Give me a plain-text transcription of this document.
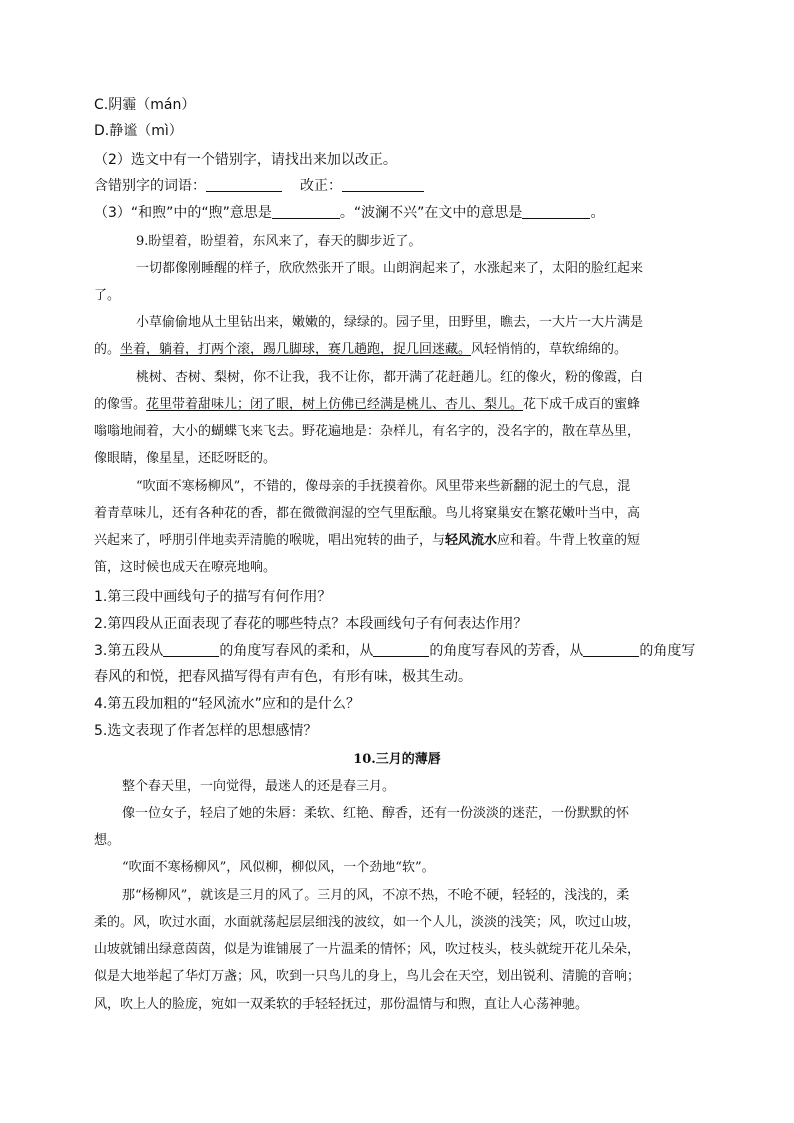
C.阴霾（mán）
D.静谧（mì）
（2）选文中有一个错别字，请找出来加以改正。
含错别字的词语：	改正：
（3）“和煦”中的“煦”意思是	。“波澜不兴”在文中的意思是	。
9.盼望着，盼望着，东风来了，春天的脚步近了。
一切都像刚睡醒的样子，欣欣然张开了眼。山朗润起来了，水涨起来了，太阳的脸红起来
了。
小草偷偷地从土里钻出来，嫩嫩的，绿绿的。园子里，田野里，瞧去，一大片一大片满是
的。坐着，躺着，打两个滚，踢几脚球，赛几趟跑，捉几回迷藏。风轻悄悄的，草软绵绵的。
桃树、杏树、梨树，你不让我，我不让你，都开满了花赶趟儿。红的像火，粉的像霞，白
的像雪。花里带着甜味儿；闭了眼，树上仿佛已经满是桃儿、杏儿、梨儿。花下成千成百的蜜蜂
嗡嗡地闹着，大小的蝴蝶飞来飞去。野花遍地是：杂样儿，有名字的，没名字的，散在草丛里，
像眼睛，像星星，还眨呀眨的。
“吹面不寒杨柳风”，不错的，像母亲的手抚摸着你。风里带来些新翻的泥土的气息，混
着青草味儿，还有各种花的香，都在微微润湿的空气里酝酿。鸟儿将窠巢安在繁花嫩叶当中，高
兴起来了，呼朋引伴地卖弄清脆的喉咙，唱出宛转的曲子，与轻风流水应和着。牛背上牧童的短
笛，这时候也成天在嘹亮地响。
1.第三段中画线句子的描写有何作用？
2.第四段从正面表现了春花的哪些特点？本段画线句子有何表达作用？
3.第五段从	的角度写春风的柔和，从	的角度写春风的芳香，从	的角度写
春风的和悦，把春风描写得有声有色，有形有味，极其生动。
4.第五段加粗的“轻风流水”应和的是什么？
5.选文表现了作者怎样的思想感情？
10.三月的薄唇
整个春天里，一向觉得，最迷人的还是春三月。
像一位女子，轻启了她的朱唇：柔软、红艳、醇香，还有一份淡淡的迷茫，一份默默的怀
想。
“吹面不寒杨柳风”，风似柳，柳似风，一个劲地“软”。
那“杨柳风”，就该是三月的风了。三月的风，不凉不热，不呛不硬，轻轻的，浅浅的，柔
柔的。风，吹过水面，水面就荡起层层细浅的波纹，如一个人儿，淡淡的浅笑；风，吹过山坡，
山坡就铺出绿意茵茵，似是为谁铺展了一片温柔的情怀；风，吹过枝头，枝头就绽开花儿朵朵，
似是大地举起了华灯万盏；风，吹到一只鸟儿的身上，鸟儿会在天空，划出锐利、清脆的音响；
风，吹上人的脸庞，宛如一双柔软的手轻轻抚过，那份温情与和煦，直让人心荡神驰。
